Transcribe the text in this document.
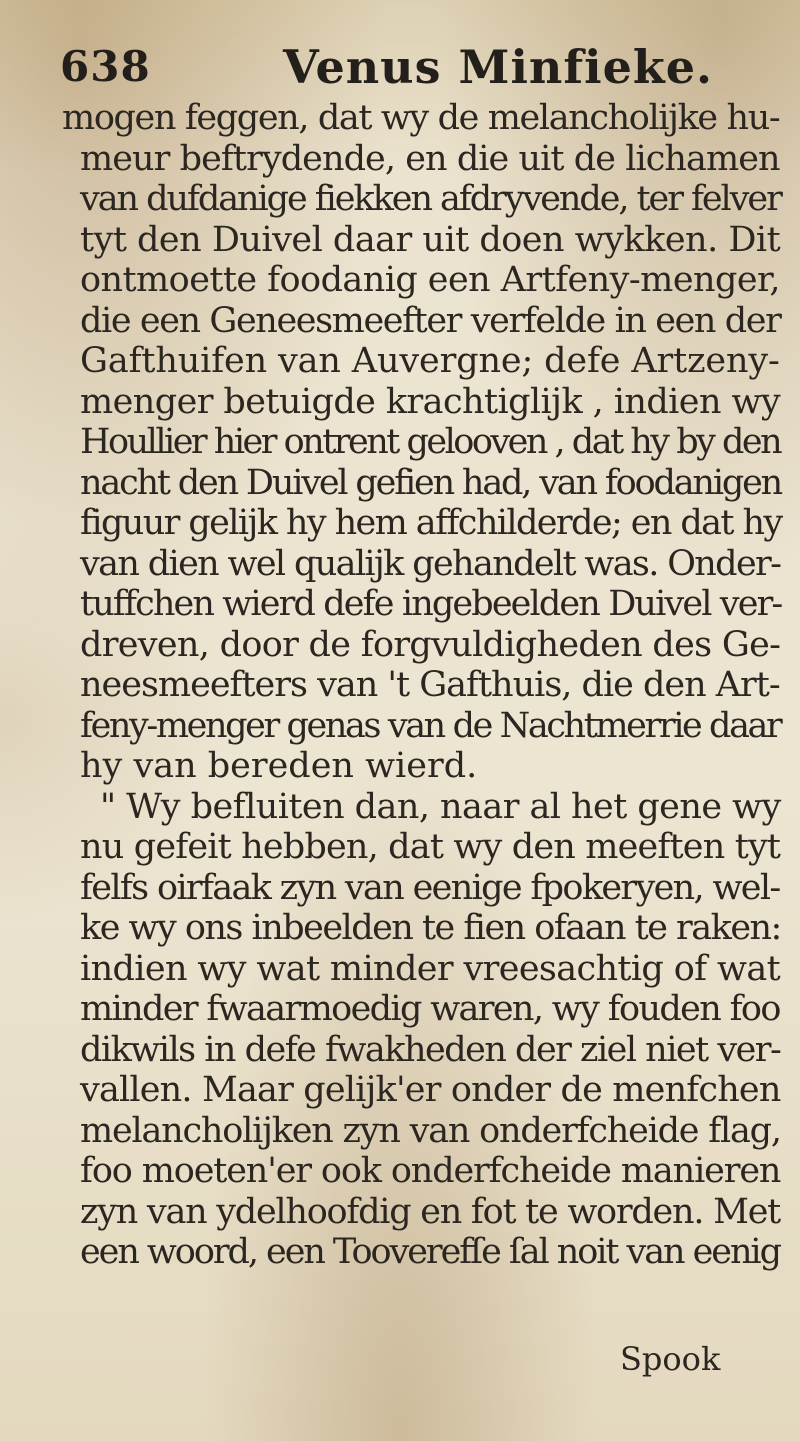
638	Venus Minfieke.
mogen feggen, dat wy de melancholijke hu-
meur beftrydende, en die uit de lichamen
van dufdanige fiekken afdryvende, ter felver
tyt den Duivel daar uit doen wykken. Dit
ontmoette foodanig een Artfeny-menger,
die een Geneesmeefter verfelde in een der
Gafthuifen van Auvergne; defe Artzeny-
menger betuigde krachtiglijk , indien wy
Houllier hier ontrent gelooven , dat hy by den
nacht den Duivel gefien had, van foodanigen
figuur gelijk hy hem affchilderde; en dat hy
van dien wel qualijk gehandelt was. Onder-
tuffchen wierd defe ingebeelden Duivel ver-
dreven, door de forgvuldigheden des Ge-
neesmeefters van 't Gafthuis, die den Art-
feny-menger genas van de Nachtmerrie daar
hy van bereden wierd.
" Wy befluiten dan, naar al het gene wy
nu gefeit hebben, dat wy den meeften tyt
felfs oirfaak zyn van eenige fpokeryen, wel-
ke wy ons inbeelden te fien ofaan te raken:
indien wy wat minder vreesachtig of wat
minder fwaarmoedig waren, wy fouden foo
dikwils in defe fwakheden der ziel niet ver-
vallen. Maar gelijk'er onder de menfchen
melancholijken zyn van onderfcheide flag,
foo moeten'er ook onderfcheide manieren
zyn van ydelhoofdig en fot te worden. Met
een woord, een Tooverefſe ſal noit van eenig
Spook
